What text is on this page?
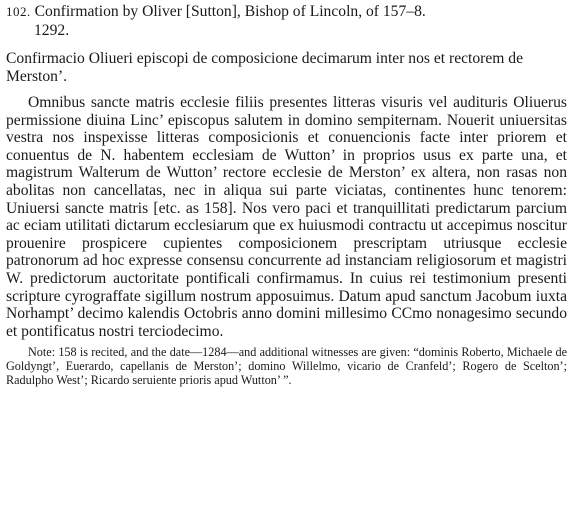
102. Confirmation by Oliver [Sutton], Bishop of Lincoln, of 157–8.
1292.

Confirmacio Oliueri episcopi de composicione decimarum inter nos et rectorem de Merston’.

Omnibus sancte matris ecclesie filiis presentes litteras visuris vel audituris Oliuerus permissione diuina Linc’ episcopus salutem in domino sempiternam. Nouerit uniuersitas vestra nos inspexisse litteras composicionis et conuencionis facte inter priorem et conuentus de N. habentem ecclesiam de Wutton’ in proprios usus ex parte una, et magistrum Walterum de Wutton’ rectore ecclesie de Merston’ ex altera, non rasas non abolitas non cancellatas, nec in aliqua sui parte viciatas, continentes hunc tenorem: Uniuersi sancte matris [etc. as 158]. Nos vero paci et tranquillitati predictarum parcium ac eciam utilitati dictarum ecclesiarum que ex huiusmodi contractu ut accepimus noscitur prouenire prospicere cupientes composicionem prescriptam utriusque ecclesie patronorum ad hoc expresse consensu concurrente ad instanciam religiosorum et magistri W. predictorum auctoritate pontificali confirmamus. In cuius rei testimonium presenti scripture cyrograffate sigillum nostrum apposuimus. Datum apud sanctum Jacobum iuxta Norhampt’ decimo kalendis Octobris anno domini millesimo CCmo nonagesimo secundo et pontificatus nostri terciodecimo.

Note: 158 is recited, and the date—1284—and additional witnesses are given: “dominis Roberto, Michaele de Goldyngt’, Euerardo, capellanis de Merston’; domino Willelmo, vicario de Cranfeld’; Rogero de Scelton’; Radulpho West’; Ricardo seruiente prioris apud Wutton’ ”.
